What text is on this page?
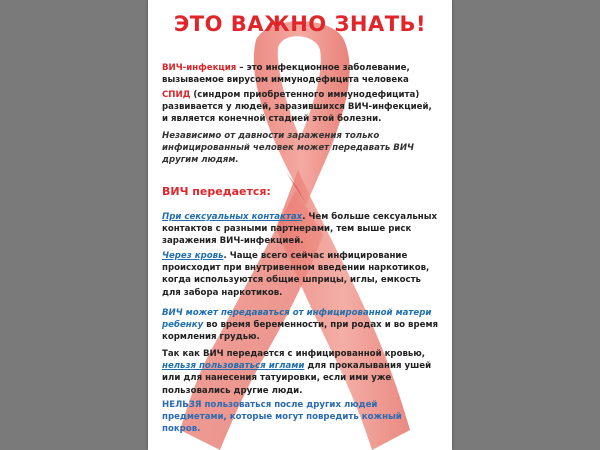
ЭТО ВАЖНО ЗНАТЬ!

ВИЧ-инфекция – это инфекционное заболевание, вызываемое вирусом иммунодефицита человека

СПИД (синдром приобретенного иммунодефицита) развивается у людей, заразившихся ВИЧ-инфекцией, и является конечной стадией этой болезни.

Независимо от давности заражения только инфицированный человек может передавать ВИЧ другим людям.

ВИЧ передается:

При сексуальных контактах. Чем больше сексуальных контактов с разными партнерами, тем выше риск заражения ВИЧ-инфекцией.

Через кровь. Чаще всего сейчас инфицирование происходит при внутривенном введении наркотиков, когда используются общие шприцы, иглы, емкость для забора наркотиков.

ВИЧ может передаваться от инфицированной матери ребенку во время беременности, при родах и во время кормления грудью.

Так как ВИЧ передается с инфицированной кровью, нельзя пользоваться иглами для прокалывания ушей или для нанесения татуировки, если ими уже пользовались другие люди.

НЕЛЬЗЯ пользоваться после других людей предметами, которые могут повредить кожный покров.
